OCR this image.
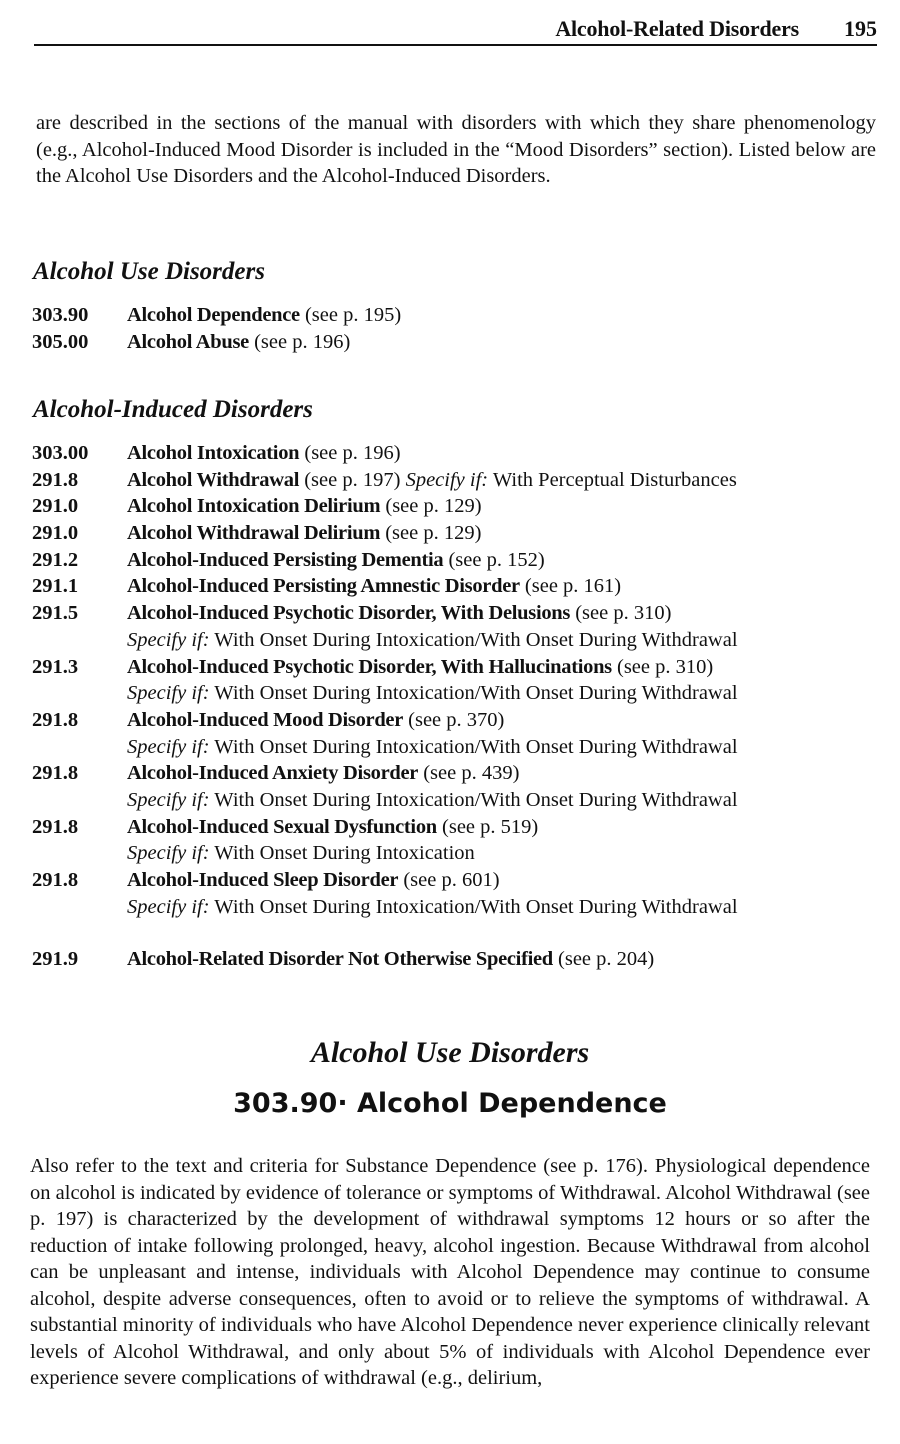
Alcohol-Related Disorders 195
are described in the sections of the manual with disorders with which they share phenomenology (e.g., Alcohol-Induced Mood Disorder is included in the “Mood Disorders” section). Listed below are the Alcohol Use Disorders and the Alcohol-Induced Disorders.
Alcohol Use Disorders
303.90	Alcohol Dependence (see p. 195)
305.00	Alcohol Abuse (see p. 196)
Alcohol-Induced Disorders
303.00	Alcohol Intoxication (see p. 196)
291.8	Alcohol Withdrawal (see p. 197) Specify if: With Perceptual Disturbances
291.0	Alcohol Intoxication Delirium (see p. 129)
291.0	Alcohol Withdrawal Delirium (see p. 129)
291.2	Alcohol-Induced Persisting Dementia (see p. 152)
291.1	Alcohol-Induced Persisting Amnestic Disorder (see p. 161)
291.5	Alcohol-Induced Psychotic Disorder, With Delusions (see p. 310)
Specify if: With Onset During Intoxication/With Onset During Withdrawal
291.3	Alcohol-Induced Psychotic Disorder, With Hallucinations (see p. 310)
Specify if: With Onset During Intoxication/With Onset During Withdrawal
291.8	Alcohol-Induced Mood Disorder (see p. 370)
Specify if: With Onset During Intoxication/With Onset During Withdrawal
291.8	Alcohol-Induced Anxiety Disorder (see p. 439)
Specify if: With Onset During Intoxication/With Onset During Withdrawal
291.8	Alcohol-Induced Sexual Dysfunction (see p. 519)
Specify if: With Onset During Intoxication
291.8	Alcohol-Induced Sleep Disorder (see p. 601)
Specify if: With Onset During Intoxication/With Onset During Withdrawal
291.9	Alcohol-Related Disorder Not Otherwise Specified (see p. 204)
Alcohol Use Disorders
303.90· Alcohol Dependence
Also refer to the text and criteria for Substance Dependence (see p. 176). Physiological dependence on alcohol is indicated by evidence of tolerance or symptoms of Withdrawal. Alcohol Withdrawal (see p. 197) is characterized by the development of withdrawal symptoms 12 hours or so after the reduction of intake following prolonged, heavy, alcohol ingestion. Because Withdrawal from alcohol can be unpleasant and intense, individuals with Alcohol Dependence may continue to consume alcohol, despite adverse consequences, often to avoid or to relieve the symptoms of withdrawal. A substantial minority of individuals who have Alcohol Dependence never experience clinically relevant levels of Alcohol Withdrawal, and only about 5% of individuals with Alcohol Dependence ever experience severe complications of withdrawal (e.g., delirium,
